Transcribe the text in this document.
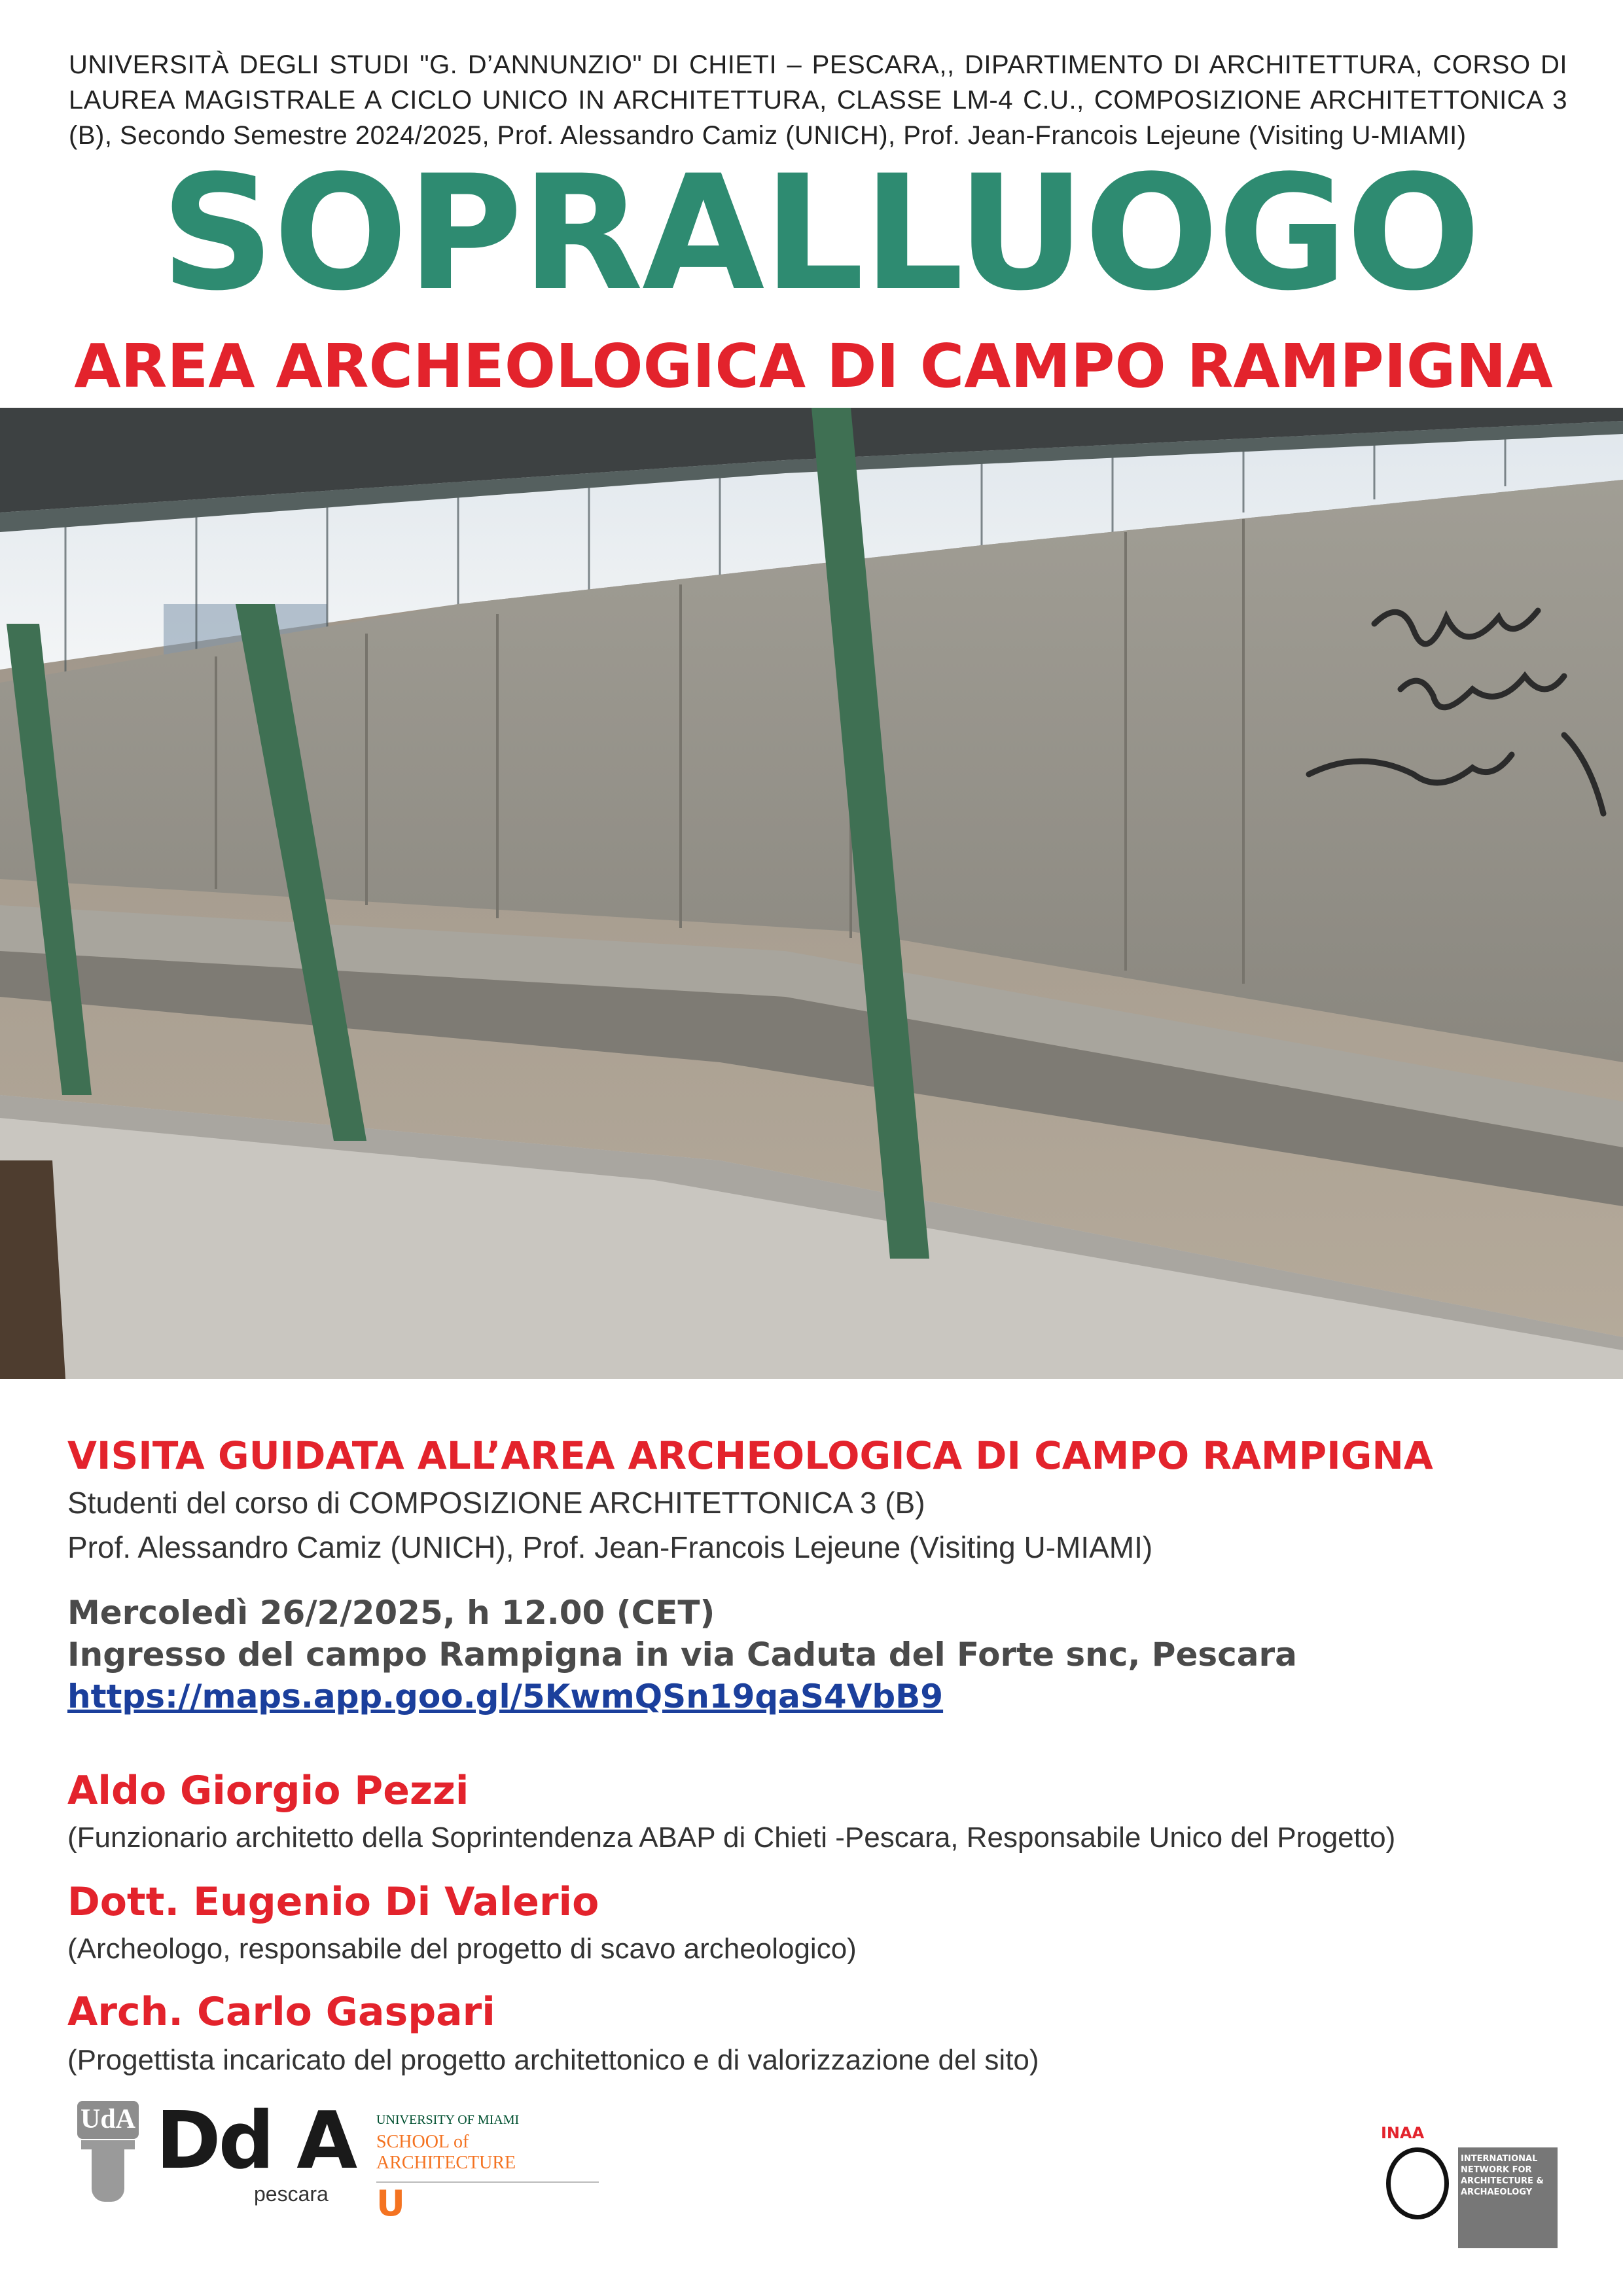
UNIVERSITÀ DEGLI STUDI "G. D’ANNUNZIO" DI CHIETI – PESCARA,, DIPARTIMENTO DI ARCHITETTURA, CORSO DI LAUREA MAGISTRALE A CICLO UNICO IN ARCHITETTURA, CLASSE LM-4 C.U., COMPOSIZIONE ARCHITETTONICA 3 (B), Secondo Semestre 2024/2025, Prof. Alessandro Camiz (UNICH), Prof. Jean-Francois Lejeune (Visiting U-MIAMI)
SOPRALLUOGO
AREA ARCHEOLOGICA DI CAMPO RAMPIGNA
VISITA GUIDATA ALL’AREA ARCHEOLOGICA DI CAMPO RAMPIGNA
Studenti del corso di COMPOSIZIONE ARCHITETTONICA 3 (B)
Prof. Alessandro Camiz (UNICH), Prof. Jean-Francois Lejeune (Visiting U-MIAMI)
Mercoledì 26/2/2025, h 12.00 (CET)
Ingresso del campo Rampigna in via Caduta del Forte snc, Pescara
https://maps.app.goo.gl/5KwmQSn19qaS4VbB9
Aldo Giorgio Pezzi
(Funzionario architetto della Soprintendenza ABAP di Chieti -Pescara, Responsabile Unico del Progetto)
Dott. Eugenio Di Valerio
(Archeologo, responsabile del progetto di scavo archeologico)
Arch. Carlo Gaspari
(Progettista incaricato del progetto architettonico e di valorizzazione del sito)
UdA Dd A
pescara
UNIVERSITY OF MIAMI
SCHOOL of
ARCHITECTURE
U
INAA
INTERNATIONAL
NETWORK FOR
ARCHITECTURE &
ARCHAEOLOGY
